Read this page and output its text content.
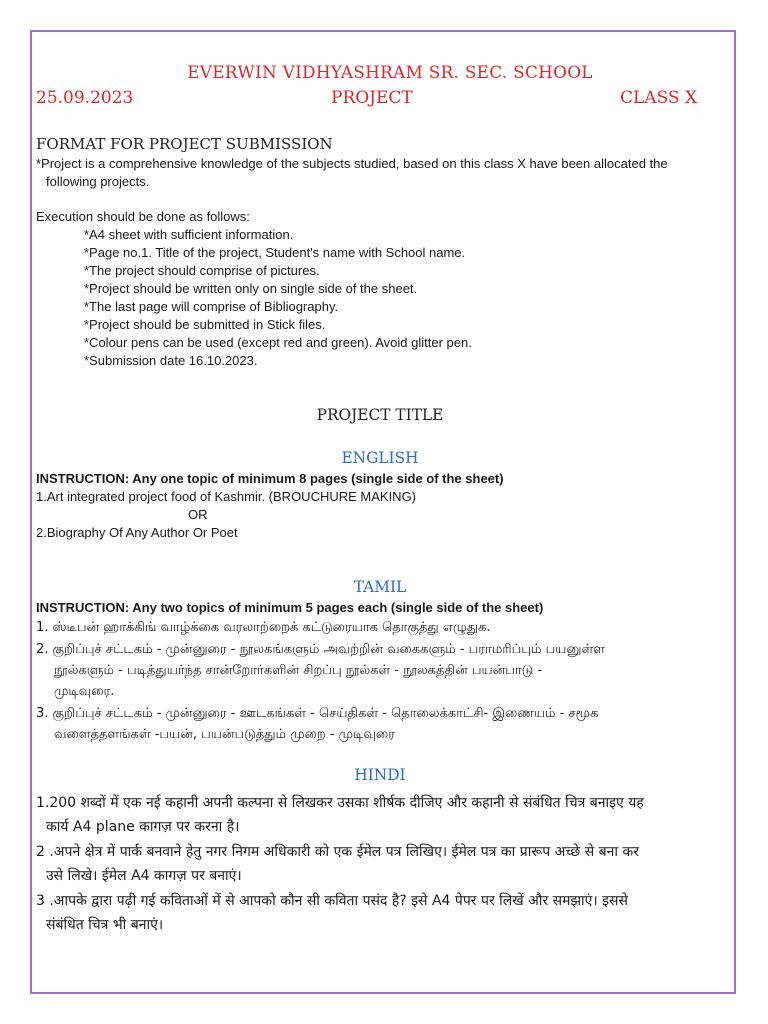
EVERWIN VIDHYASHRAM SR. SEC. SCHOOL
25.09.2023	PROJECT	CLASS X
FORMAT FOR PROJECT SUBMISSION
*Project is a comprehensive knowledge of the subjects studied, based on this class X have been allocated the
following projects.
Execution should be done as follows:
*A4 sheet with sufficient information.
*Page no.1. Title of the project, Student's name with School name.
*The project should comprise of pictures.
*Project should be written only on single side of the sheet.
*The last page will comprise of Bibliography.
*Project should be submitted in Stick files.
*Colour pens can be used (except red and green). Avoid glitter pen.
*Submission date 16.10.2023.
PROJECT TITLE
ENGLISH
INSTRUCTION: Any one topic of minimum 8 pages (single side of the sheet)
1.Art integrated project food of Kashmir. (BROUCHURE MAKING)
OR
2.Biography Of Any Author Or Poet
TAMIL
INSTRUCTION: Any two topics of minimum 5 pages each (single side of the sheet)
1. ஸ்டீபன் ஹாக்கிங் வாழ்க்கை வரலாற்றைக் கட்டுரையாக தொகுத்து எழுதுக.
2. குறிப்புச் சட்டகம் - முன்னுரை - நூலகங்களும் அவற்றின் வகைகளும் - பராமரிப்பும் பயனுள்ள
நூல்களும் - படித்துயர்ந்த சான்றோர்களின் சிறப்பு நூல்கள் - நூலகத்தின் பயன்பாடு -
முடிவுரை.
3. குறிப்புச் சட்டகம் - முன்னுரை - ஊடகங்கள் - செய்திகள் - தொலைக்காட்சி- இணையம் - சமூக
வளைத்தளங்கள் -பயன், பயன்படுத்தும் முறை - முடிவுரை
HINDI
1.200 शब्दों में एक नई कहानी अपनी कल्पना से लिखकर उसका शीर्षक दीजिए और कहानी से संबंधित चित्र बनाइए यह
कार्य A4 plane कागज़ पर करना है।
2 .अपने क्षेत्र में पार्क बनवाने हेतु नगर निगम अधिकारी को एक ईमेल पत्र लिखिए। ईमेल पत्र का प्रारूप अच्छे से बना कर
उसे लिखे। ईमेल A4 कागज़ पर बनाएं।
3 .आपके द्वारा पढ़ी गई कविताओं में से आपको कौन सी कविता पसंद है? इसे A4 पेपर पर लिखें और समझाएं। इससे
संबंधित चित्र भी बनाएं।
